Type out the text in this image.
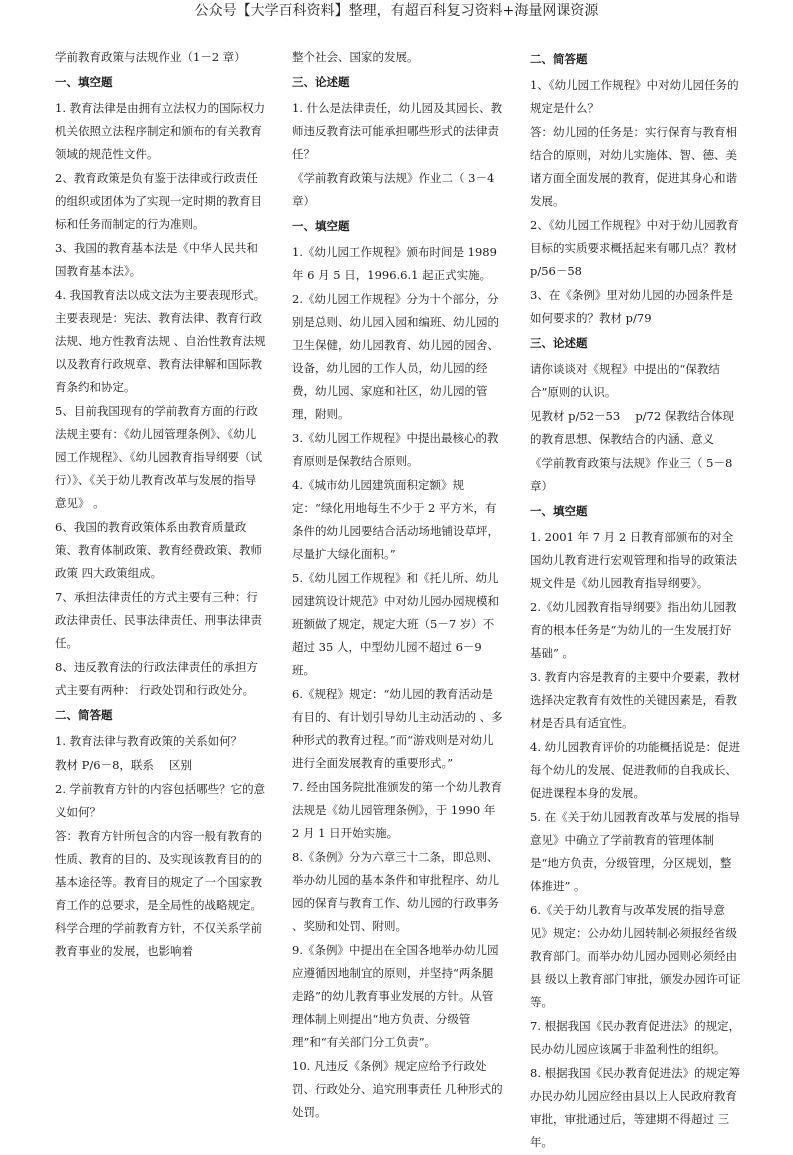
公众号【大学百科资料】整理，有超百科复习资料+海量网课资源

学前教育政策与法规作业（1－2 章）

一、填空题

1. 教育法律是由拥有立法权力的国际权力机关依照立法程序制定和颁布的有关教育领域的规范性文件。

2、教育政策是负有鉴于法律或行政责任的组织或团体为了实现一定时期的教育目标和任务而制定的行为准则。

3、我国的教育基本法是《中华人民共和国教育基本法》。

4. 我国教育法以成文法为主要表现形式。主要表现是：宪法、教育法律、教育行政法规、地方性教育法规 、自治性教育法规 以及教育行政规章、教育法律解和国际教育条约和协定。

5、目前我国现有的学前教育方面的行政法规主要有：《幼儿园管理条例》、《幼儿园工作规程》、《幼儿园教育指导纲要（试行）》、《关于幼儿教育改革与发展的指导意见》 。

6、我国的教育政策体系由教育质量政策、教育体制政策、教育经费政策、教师政策 四大政策组成。

7、承担法律责任的方式主要有三种：行政法律责任、民事法律责任、刑事法律责任。

8、违反教育法的行政法律责任的承担方式主要有两种： 行政处罚和行政处分。

二、简答题

1. 教育法律与教育政策的关系如何？

教材 P/6－8，联系　 区别

2. 学前教育方针的内容包括哪些？它的意义如何？

答：教育方针所包含的内容一般有教育的性质、教育的目的、及实现该教育目的的基本途径等。教育目的规定了一个国家教育工作的总要求，是全局性的战略规定。科学合理的学前教育方针，不仅关系学前教育事业的发展，也影响着

整个社会、国家的发展。

三、论述题

1. 什么是法律责任，幼儿园及其园长、教师违反教育法可能承担哪些形式的法律责任？

《学前教育政策与法规》作业二（ 3－4 章）

一、填空题

1.《幼儿园工作规程》颁布时间是 1989 年 6 月 5 日，1996.6.1 起正式实施。

2.《幼儿园工作规程》分为十个部分，分别是总则、幼儿园入园和编班、幼儿园的卫生保健，幼儿园教育、幼儿园的园舍、设备，幼儿园的工作人员，幼儿园的经费，幼儿园、家庭和社区，幼儿园的管理，附则。

3.《幼儿园工作规程》中提出最核心的教育原则是保教结合原则。

4.《城市幼儿园建筑面积定额》规定：“绿化用地每生不少于 2 平方米，有条件的幼儿园要结合活动场地铺设草坪，尽量扩大绿化面积。”

5.《幼儿园工作规程》和《托儿所、幼儿园建筑设计规范》中对幼儿园办园规模和班额做了规定，规定大班（5－7 岁）不超过 35 人，中型幼儿园不超过 6－9 班。

6.《规程》规定：“幼儿园的教育活动是有目的、有计划引导幼儿主动活动的 、多种形式的教育过程。”而“游戏则是对幼儿进行全面发展教育的重要形式。”

7. 经由国务院批准颁发的第一个幼儿教育法规是《幼儿园管理条例》，于 1990 年 2 月 1 日开始实施。

8.《条例》分为六章三十二条，即总则、举办幼儿园的基本条件和审批程序、幼儿园的保育与教育工作、幼儿园的行政事务 、奖励和处罚、附则。

9.《条例》中提出在全国各地举办幼儿园应遵循因地制宜的原则，并坚持“两条腿走路”的幼儿教育事业发展的方针。从管理体制上则提出“地方负责、分级管理”和“有关部门分工负责”。

10. 凡违反《条例》规定应给予行政处罚、行政处分、追究刑事责任 几种形式的处罚。

二、简答题

1、《幼儿园工作规程》中对幼儿园任务的规定是什么？

答：幼儿园的任务是：实行保育与教育相结合的原则，对幼儿实施体、智、德、美诸方面全面发展的教育，促进其身心和谐发展。

2、《幼儿园工作规程》中对于幼儿园教育目标的实质要求概括起来有哪几点？教材 p/56－58

3、在《条例》里对幼儿园的办园条件是如何要求的？教材 p/79

三、论述题

请你谈谈对《规程》中提出的“保教结合”原则的认识。

见教材 p/52－53　 p/72 保教结合体现的教育思想、保教结合的内涵、意义

《学前教育政策与法规》作业三（ 5－8 章）

一、填空题

1. 2001 年 7 月 2 日教育部颁布的对全国幼儿教育进行宏观管理和指导的政策法规文件是《幼儿园教育指导纲要》。

2.《幼儿园教育指导纲要》指出幼儿园教育的根本任务是“为幼儿的一生发展打好基础” 。

3. 教育内容是教育的主要中介要素，教材选择决定教育有效性的关键因素是，看教材是否具有适宜性。

4. 幼儿园教育评价的功能概括说是：促进每个幼儿的发展、促进教师的自我成长、 促进课程本身的发展。

5. 在《关于幼儿园教育改革与发展的指导意见》中确立了学前教育的管理体制是“地方负责，分级管理，分区规划，整体推进” 。

6.《关于幼儿教育与改革发展的指导意见》规定：公办幼儿园转制必须报经省级教育部门。而举办幼儿园办园则必须经由县 级以上教育部门审批，颁发办园许可证等。

7. 根据我国《民办教育促进法》的规定，民办幼儿园应该属于非盈利性的组织。

8. 根据我国《民办教育促进法》的规定筹办民办幼儿园应经由县以上人民政府教育审批，审批通过后，等建期不得超过 三 年。
